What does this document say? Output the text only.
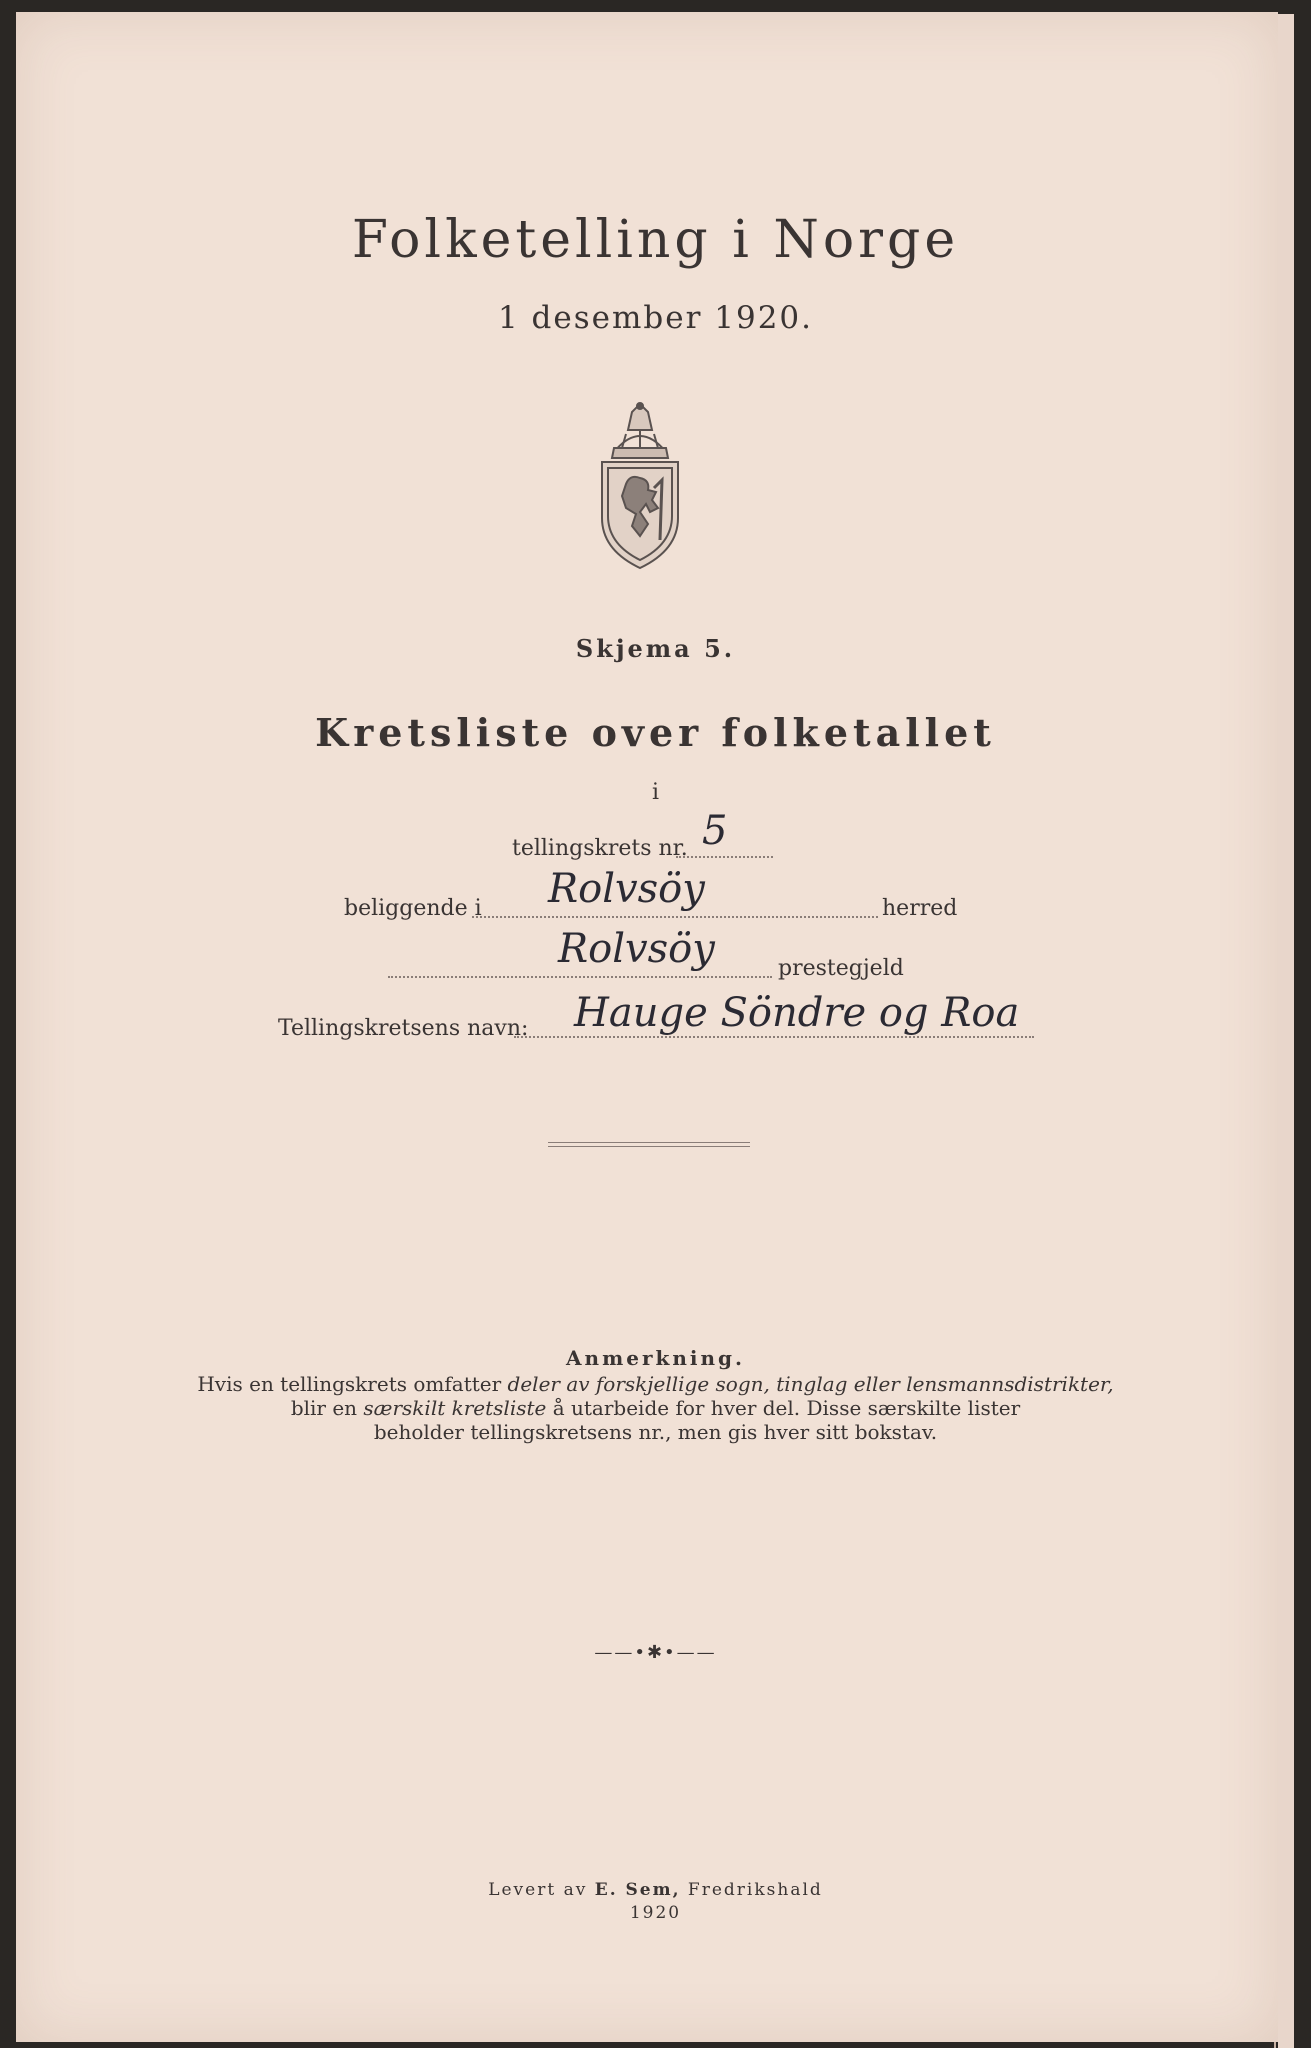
Folketelling i Norge
1 desember 1920.
Skjema 5.
Kretsliste over folketallet
i
tellingskrets nr. 5
beliggende i Rolvsöy	herred
Rolvsöy	prestegjeld
Tellingskretsens navn: Hauge Söndre og Roa
Anmerkning.
Hvis en tellingskrets omfatter deler av forskjellige sogn, tinglag eller lensmannsdistrikter,
blir en særskilt kretsliste å utarbeide for hver del. Disse særskilte lister
beholder tellingskretsens nr., men gis hver sitt bokstav.
——•✱•——
Levert av E. Sem, Fredrikshald
1920
